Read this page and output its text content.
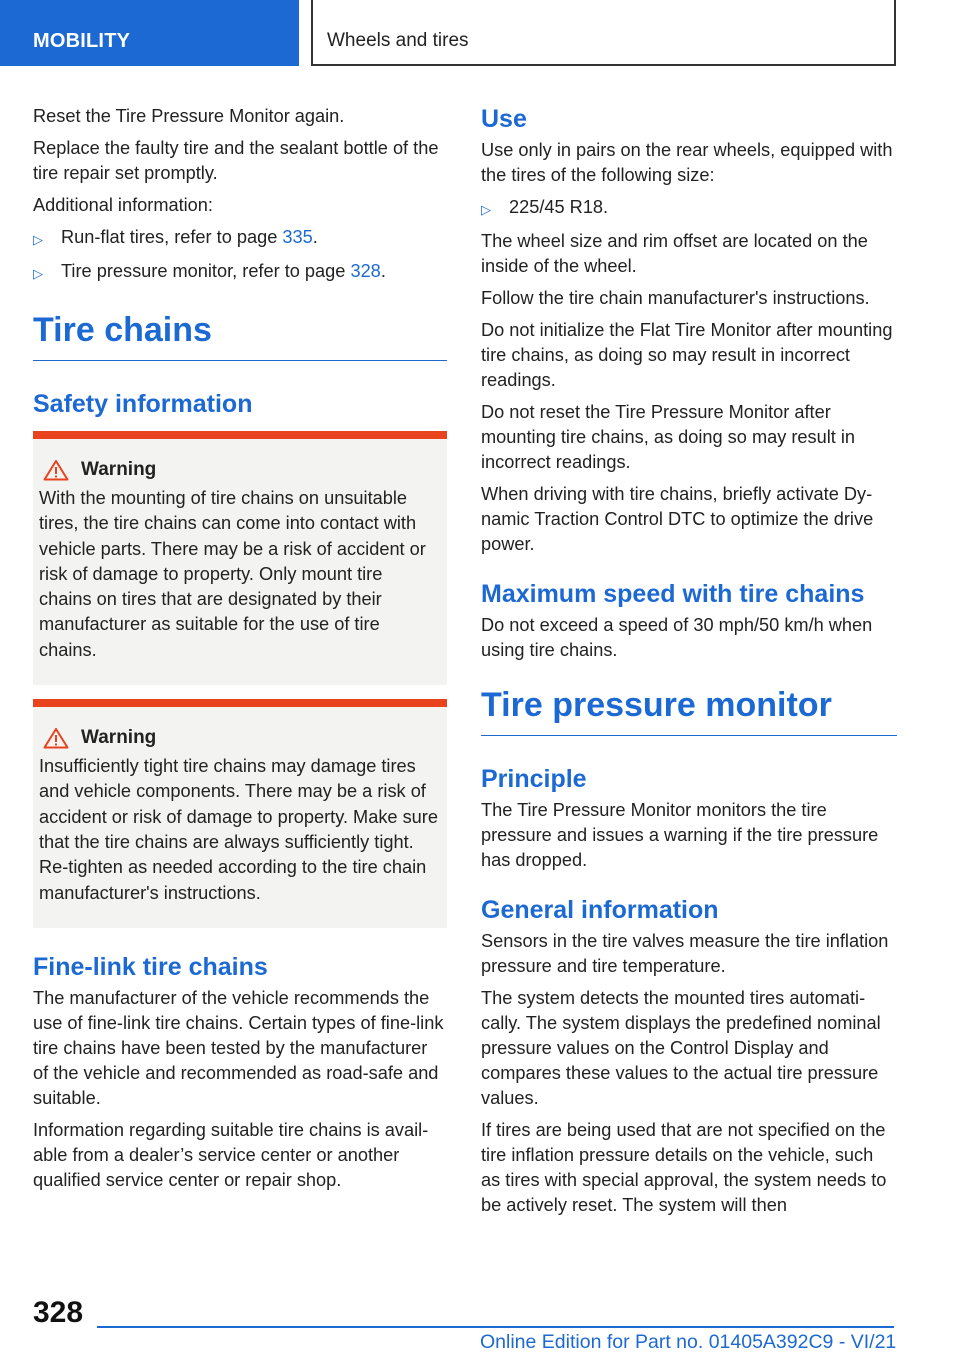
MOBILITY	Wheels and tires

Reset the Tire Pressure Monitor again.

Replace the faulty tire and the sealant bottle of the tire repair set promptly.

Additional information:

▷ Run-flat tires, refer to page 335.
▷ Tire pressure monitor, refer to page 328.
Tire chains
Safety information
Warning
With the mounting of tire chains on unsuitable tires, the tire chains can come into contact with vehicle parts. There may be a risk of accident or risk of damage to property. Only mount tire chains on tires that are designated by their manufacturer as suitable for the use of tire chains.
Warning
Insufficiently tight tire chains may damage tires and vehicle components. There may be a risk of accident or risk of damage to property. Make sure that the tire chains are always sufficiently tight. Re-tighten as needed according to the tire chain manufacturer's instructions.
Fine-link tire chains

The manufacturer of the vehicle recommends the use of fine-link tire chains. Certain types of fine-link tire chains have been tested by the manufacturer of the vehicle and recommended as road-safe and suitable.

Information regarding suitable tire chains is available from a dealer’s service center or another qualified service center or repair shop.

Use

Use only in pairs on the rear wheels, equipped with the tires of the following size:

▷ 225/45 R18.

The wheel size and rim offset are located on the inside of the wheel.

Follow the tire chain manufacturer's instructions.

Do not initialize the Flat Tire Monitor after mounting tire chains, as doing so may result in incorrect readings.

Do not reset the Tire Pressure Monitor after mounting tire chains, as doing so may result in incorrect readings.

When driving with tire chains, briefly activate Dynamic Traction Control DTC to optimize the drive power.

Maximum speed with tire chains

Do not exceed a speed of 30 mph/50 km/h when using tire chains.

Tire pressure monitor
Principle

The Tire Pressure Monitor monitors the tire pressure and issues a warning if the tire pressure has dropped.

General information

Sensors in the tire valves measure the tire inflation pressure and tire temperature.

The system detects the mounted tires automatically. The system displays the predefined nominal pressure values on the Control Display and compares these values to the actual tire pressure values.

If tires are being used that are not specified on the tire inflation pressure details on the vehicle, such as tires with special approval, the system needs to be actively reset. The system will then

328
Online Edition for Part no. 01405A392C9 - VI/21
